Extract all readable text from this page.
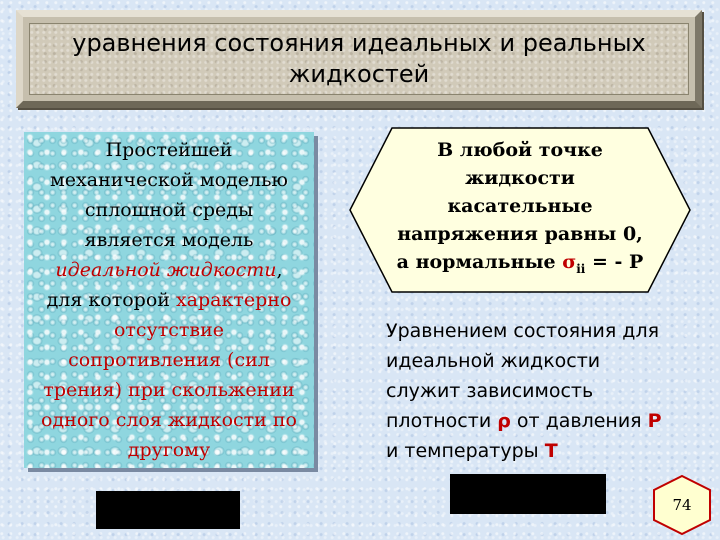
уравнения состояния идеальных и реальных
жидкостей
Простейшей
механической моделью
сплошной среды
является модель
идеальной жидкости,
для которой характерно
отсутствие
сопротивления (сил
трения) при скольжении
одного слоя жидкости по
другому
В любой точке
жидкости
касательные
напряжения равны 0,
а нормальные $\sigma_{ii}$ = - Р
Уравнением состояния для
идеальной жидкости
служит зависимость
плотности ρ от давления Р
и температуры Т
74
